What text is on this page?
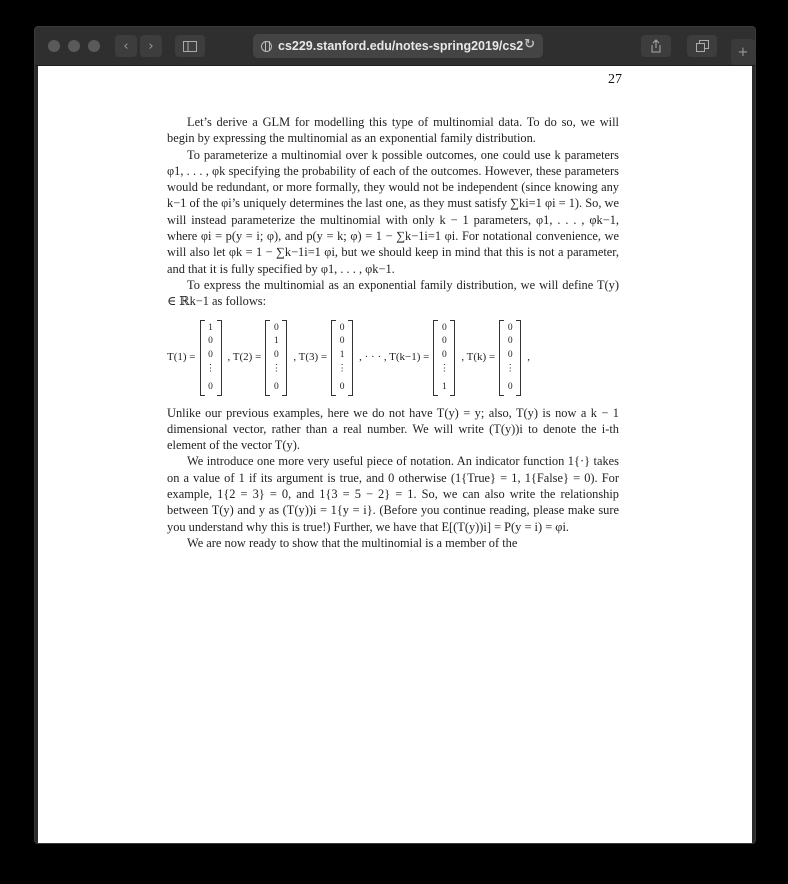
‹ ›	cs229.stanford.edu/notes-spring2019/cs2 ↻	+
27

Let’s derive a GLM for modelling this type of multinomial data. To do so, we will begin by expressing the multinomial as an exponential family distribution.

To parameterize a multinomial over k possible outcomes, one could use k parameters φ1, . . . , φk specifying the probability of each of the outcomes. However, these parameters would be redundant, or more formally, they would not be independent (since knowing any k−1 of the φi’s uniquely determines the last one, as they must satisfy ∑ki=1 φi = 1). So, we will instead parameterize the multinomial with only k − 1 parameters, φ1, . . . , φk−1, where φi = p(y = i; φ), and p(y = k; φ) = 1 − ∑k−1i=1 φi. For notational convenience, we will also let φk = 1 − ∑k−1i=1 φi, but we should keep in mind that this is not a parameter, and that it is fully specified by φ1, . . . , φk−1.

To express the multinomial as an exponential family distribution, we will define T(y) ∈ ℝk−1 as follows:

T(1) =
1
0
0
⋮
0
, T(2) =
0
1
0
⋮
0
, T(3) =
0
0
1
⋮
0
, · · · , T(k−1) =
0
0
0
⋮
1
, T(k) =
0
0
0
⋮
0
,

Unlike our previous examples, here we do not have T(y) = y; also, T(y) is now a k − 1 dimensional vector, rather than a real number. We will write (T(y))i to denote the i-th element of the vector T(y).

We introduce one more very useful piece of notation. An indicator function 1{·} takes on a value of 1 if its argument is true, and 0 otherwise (1{True} = 1, 1{False} = 0). For example, 1{2 = 3} = 0, and 1{3 = 5 − 2} = 1. So, we can also write the relationship between T(y) and y as (T(y))i = 1{y = i}. (Before you continue reading, please make sure you understand why this is true!) Further, we have that E[(T(y))i] = P(y = i) = φi.

We are now ready to show that the multinomial is a member of the
